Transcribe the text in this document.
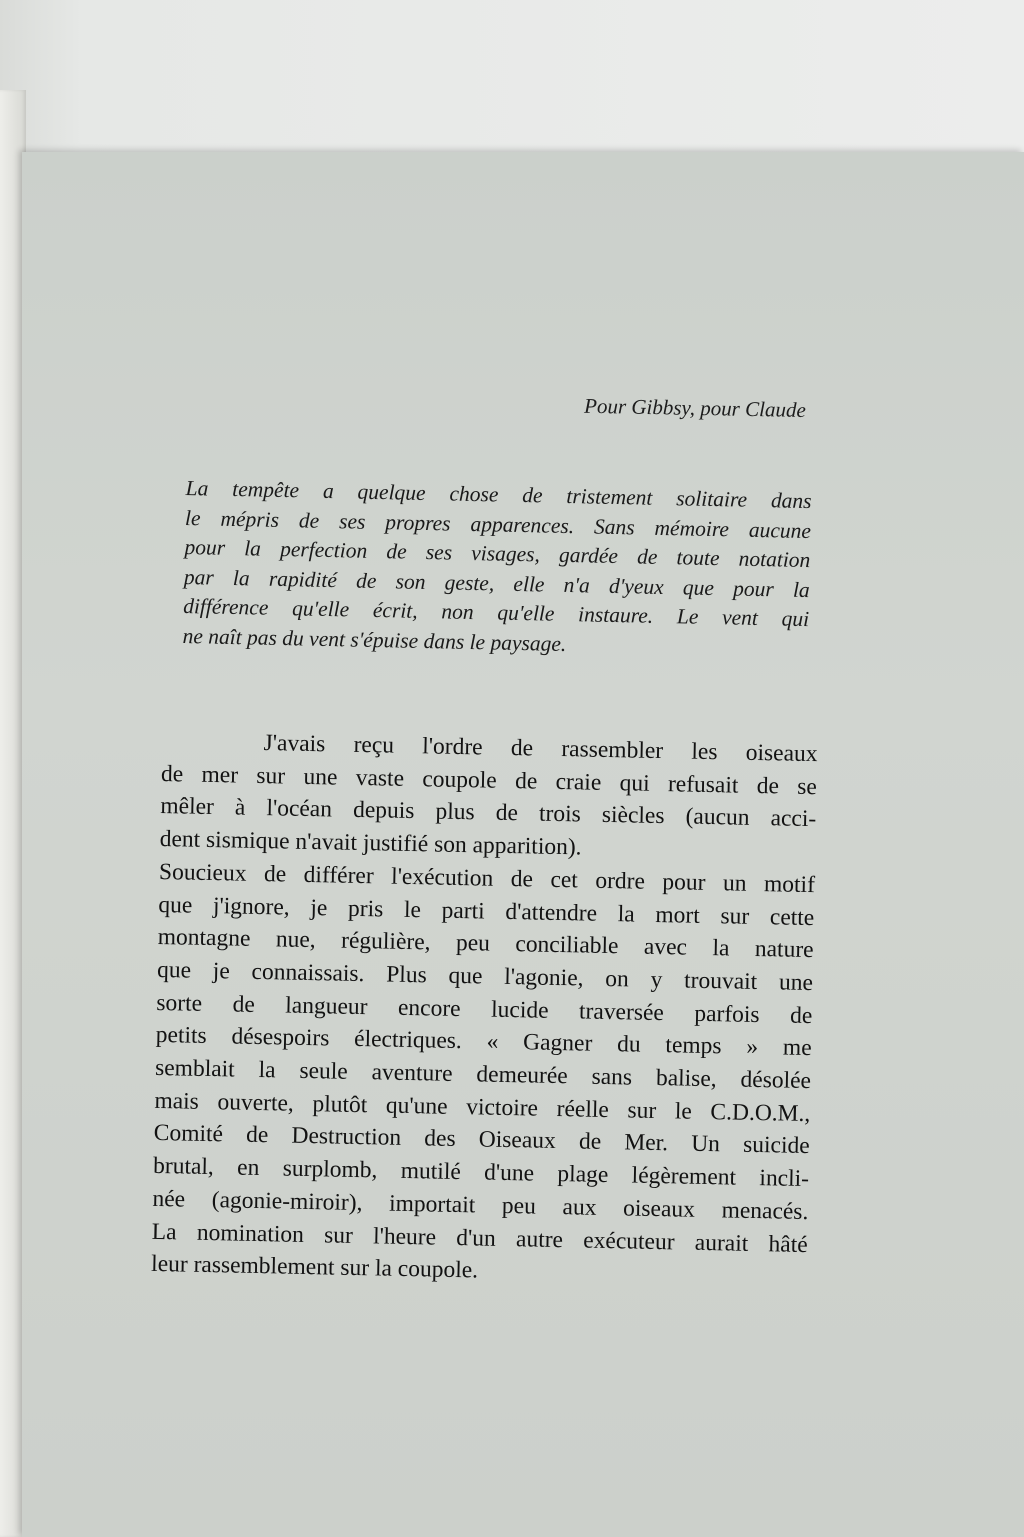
Pour Gibbsy, pour Claude
La tempête a quelque chose de tristement solitaire dans
le mépris de ses propres apparences. Sans mémoire aucune
pour la perfection de ses visages, gardée de toute notation
par la rapidité de son geste, elle n'a d'yeux que pour la
différence qu'elle écrit, non qu'elle instaure. Le vent qui
ne naît pas du vent s'épuise dans le paysage.
J'avais reçu l'ordre de rassembler les oiseaux
de mer sur une vaste coupole de craie qui refusait de se
mêler à l'océan depuis plus de trois siècles (aucun acci-
dent sismique n'avait justifié son apparition).
Soucieux de différer l'exécution de cet ordre pour un motif
que j'ignore, je pris le parti d'attendre la mort sur cette
montagne nue, régulière, peu conciliable avec la nature
que je connaissais. Plus que l'agonie, on y trouvait une
sorte de langueur encore lucide traversée parfois de
petits désespoirs électriques. « Gagner du temps » me
semblait la seule aventure demeurée sans balise, désolée
mais ouverte, plutôt qu'une victoire réelle sur le C.D.O.M.,
Comité de Destruction des Oiseaux de Mer. Un suicide
brutal, en surplomb, mutilé d'une plage légèrement incli-
née (agonie-miroir), importait peu aux oiseaux menacés.
La nomination sur l'heure d'un autre exécuteur aurait hâté
leur rassemblement sur la coupole.
